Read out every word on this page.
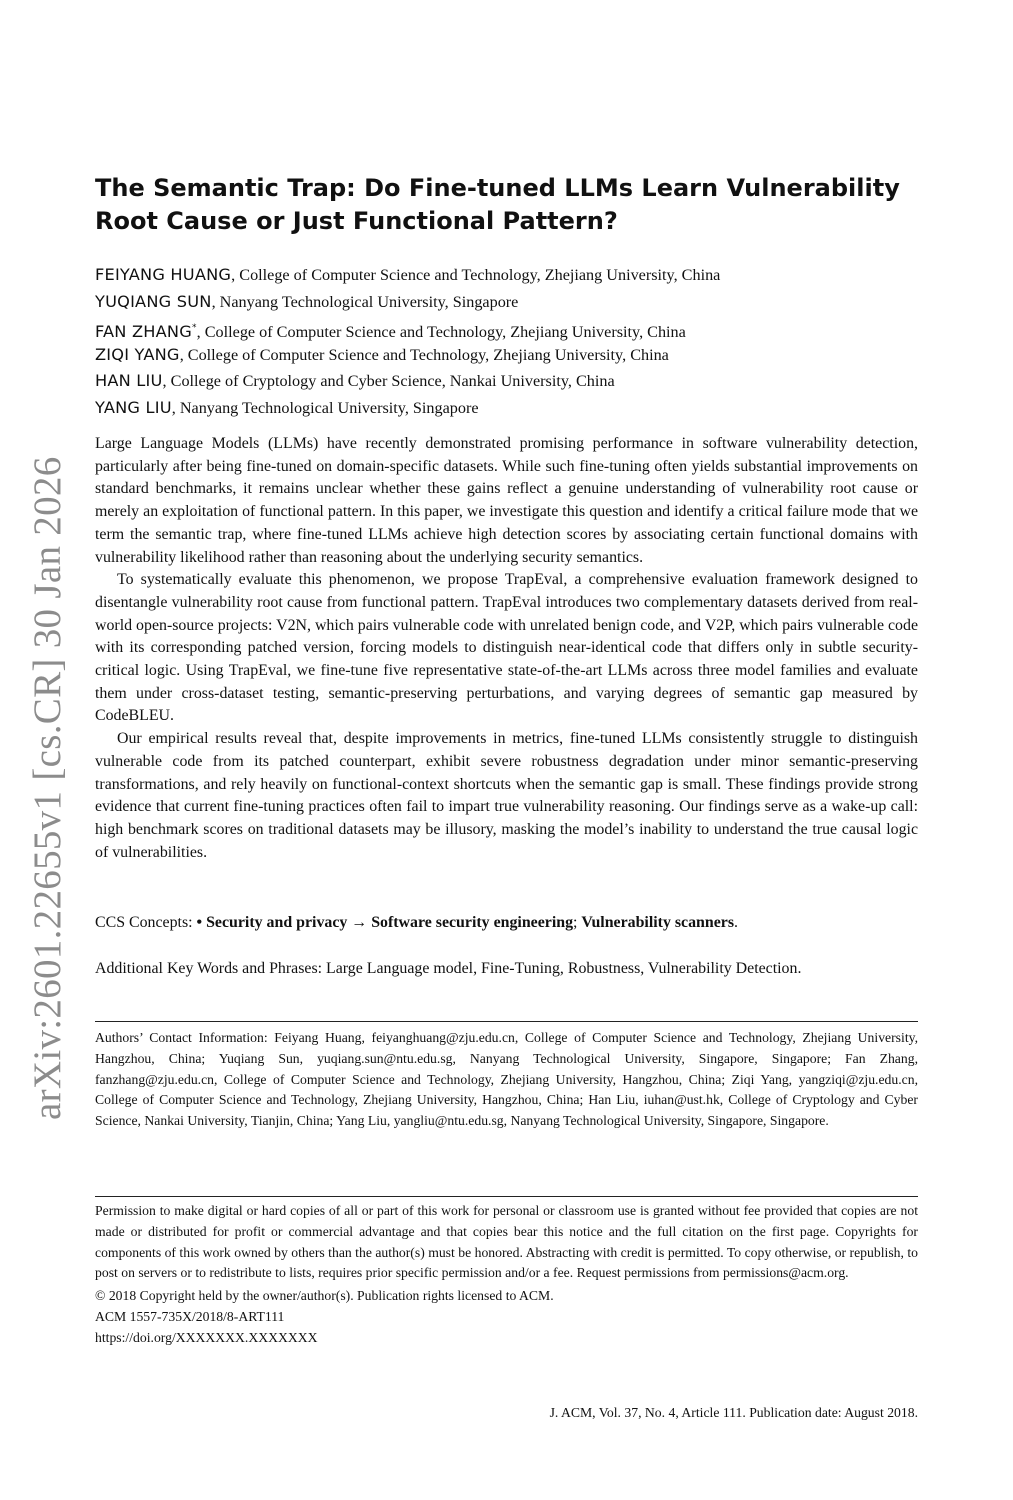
arXiv:2601.22655v1 [cs.CR] 30 Jan 2026
The Semantic Trap: Do Fine-tuned LLMs Learn Vulnerability Root Cause or Just Functional Pattern?
FEIYANG HUANG, College of Computer Science and Technology, Zhejiang University, China
YUQIANG SUN, Nanyang Technological University, Singapore
FAN ZHANG*, College of Computer Science and Technology, Zhejiang University, China
ZIQI YANG, College of Computer Science and Technology, Zhejiang University, China
HAN LIU, College of Cryptology and Cyber Science, Nankai University, China
YANG LIU, Nanyang Technological University, Singapore

Large Language Models (LLMs) have recently demonstrated promising performance in software vulnerability detection, particularly after being fine-tuned on domain-specific datasets. While such fine-tuning often yields substantial improvements on standard benchmarks, it remains unclear whether these gains reflect a genuine understanding of vulnerability root cause or merely an exploitation of functional pattern. In this paper, we investigate this question and identify a critical failure mode that we term the semantic trap, where fine-tuned LLMs achieve high detection scores by associating certain functional domains with vulnerability likelihood rather than reasoning about the underlying security semantics.

To systematically evaluate this phenomenon, we propose TrapEval, a comprehensive evaluation framework designed to disentangle vulnerability root cause from functional pattern. TrapEval introduces two complementary datasets derived from real-world open-source projects: V2N, which pairs vulnerable code with unrelated benign code, and V2P, which pairs vulnerable code with its corresponding patched version, forcing models to distinguish near-identical code that differs only in subtle security-critical logic. Using TrapEval, we fine-tune five representative state-of-the-art LLMs across three model families and evaluate them under cross-dataset testing, semantic-preserving perturbations, and varying degrees of semantic gap measured by CodeBLEU.

Our empirical results reveal that, despite improvements in metrics, fine-tuned LLMs consistently struggle to distinguish vulnerable code from its patched counterpart, exhibit severe robustness degradation under minor semantic-preserving transformations, and rely heavily on functional-context shortcuts when the semantic gap is small. These findings provide strong evidence that current fine-tuning practices often fail to impart true vulnerability reasoning. Our findings serve as a wake-up call: high benchmark scores on traditional datasets may be illusory, masking the model’s inability to understand the true causal logic of vulnerabilities.

CCS Concepts: • Security and privacy → Software security engineering; Vulnerability scanners.

Additional Key Words and Phrases: Large Language model, Fine-Tuning, Robustness, Vulnerability Detection.

Authors’ Contact Information: Feiyang Huang, feiyanghuang@zju.edu.cn, College of Computer Science and Technology, Zhejiang University, Hangzhou, China; Yuqiang Sun, yuqiang.sun@ntu.edu.sg, Nanyang Technological University, Singapore, Singapore; Fan Zhang, fanzhang@zju.edu.cn, College of Computer Science and Technology, Zhejiang University, Hangzhou, China; Ziqi Yang, yangziqi@zju.edu.cn, College of Computer Science and Technology, Zhejiang University, Hangzhou, China; Han Liu, iuhan@ust.hk, College of Cryptology and Cyber Science, Nankai University, Tianjin, China; Yang Liu, yangliu@ntu.edu.sg, Nanyang Technological University, Singapore, Singapore.

Permission to make digital or hard copies of all or part of this work for personal or classroom use is granted without fee provided that copies are not made or distributed for profit or commercial advantage and that copies bear this notice and the full citation on the first page. Copyrights for components of this work owned by others than the author(s) must be honored. Abstracting with credit is permitted. To copy otherwise, or republish, to post on servers or to redistribute to lists, requires prior specific permission and/or a fee. Request permissions from permissions@acm.org.

© 2018 Copyright held by the owner/author(s). Publication rights licensed to ACM.

ACM 1557-735X/2018/8-ART111

https://doi.org/XXXXXXX.XXXXXXX

J. ACM, Vol. 37, No. 4, Article 111. Publication date: August 2018.
